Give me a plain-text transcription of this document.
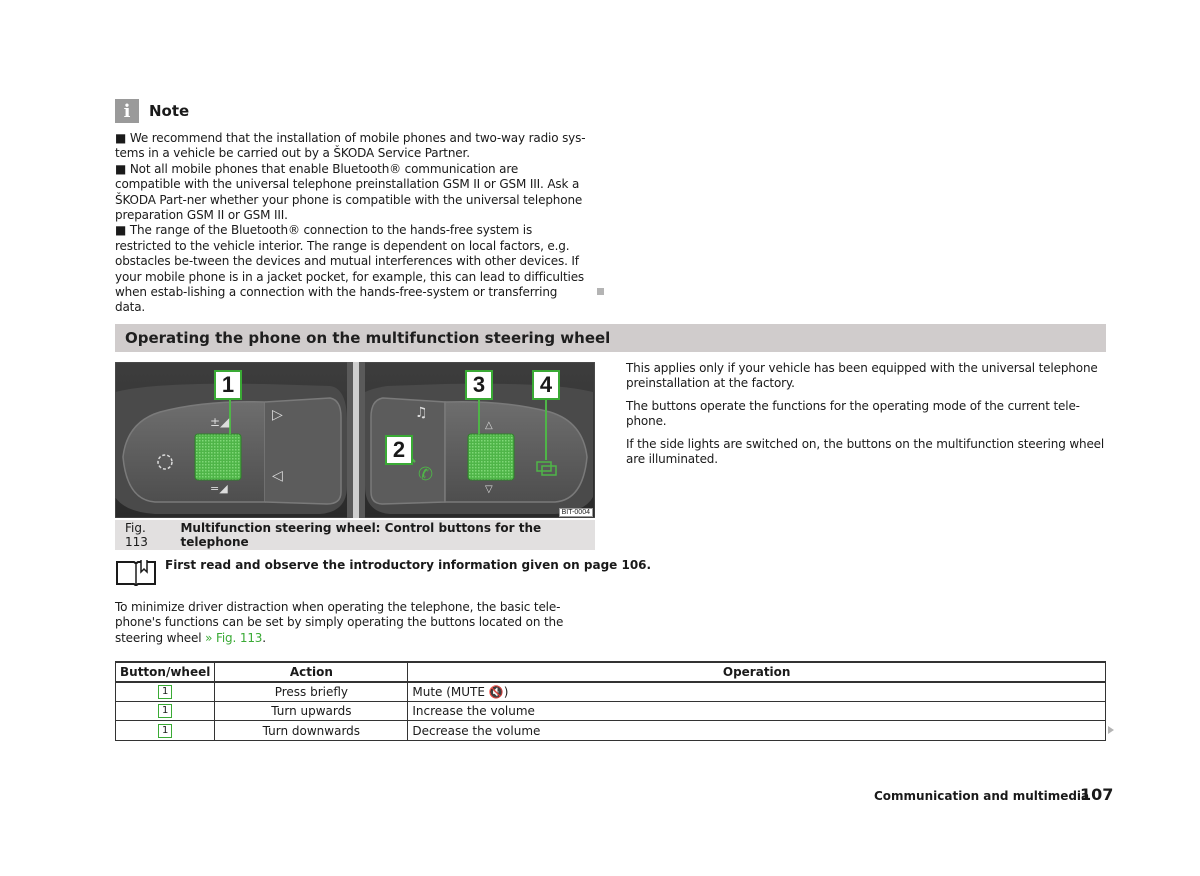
i	Note

■ We recommend that the installation of mobile phones and two-way radio sys-tems in a vehicle be carried out by a ŠKODA Service Partner.

■ Not all mobile phones that enable Bluetooth® communication are compatible with the universal telephone preinstallation GSM II or GSM III. Ask a ŠKODA Part-ner whether your phone is compatible with the universal telephone preparation GSM II or GSM III.

■ The range of the Bluetooth® connection to the hands-free system is restricted to the vehicle interior. The range is dependent on local factors, e.g. obstacles be-tween the devices and mutual interferences with other devices. If your mobile phone is in a jacket pocket, for example, this can lead to difficulties when estab-lishing a connection with the hands-free-system or transferring data.

Operating the phone on the multifunction steering wheel
±◢
=◢
▷
◁
♫
✆
△
▽
1
2
3	4
BIT-0004
Fig. 113
Multifunction steering wheel: Control buttons for the telephone
First read and observe the introductory information given on page 106.
To minimize driver distraction when operating the telephone, the basic tele-phone's functions can be set by simply operating the buttons located on the steering wheel » Fig. 113.

This applies only if your vehicle has been equipped with the universal telephone preinstallation at the factory.

The buttons operate the functions for the operating mode of the current tele-phone.

If the side lights are switched on, the buttons on the multifunction steering wheel are illuminated.

Button/wheel	Action	Operation
1	Press briefly	Mute (MUTE 🔇)
1	Turn upwards	Increase the volume
1	Turn downwards	Decrease the volume
Communication and multimedia
107
